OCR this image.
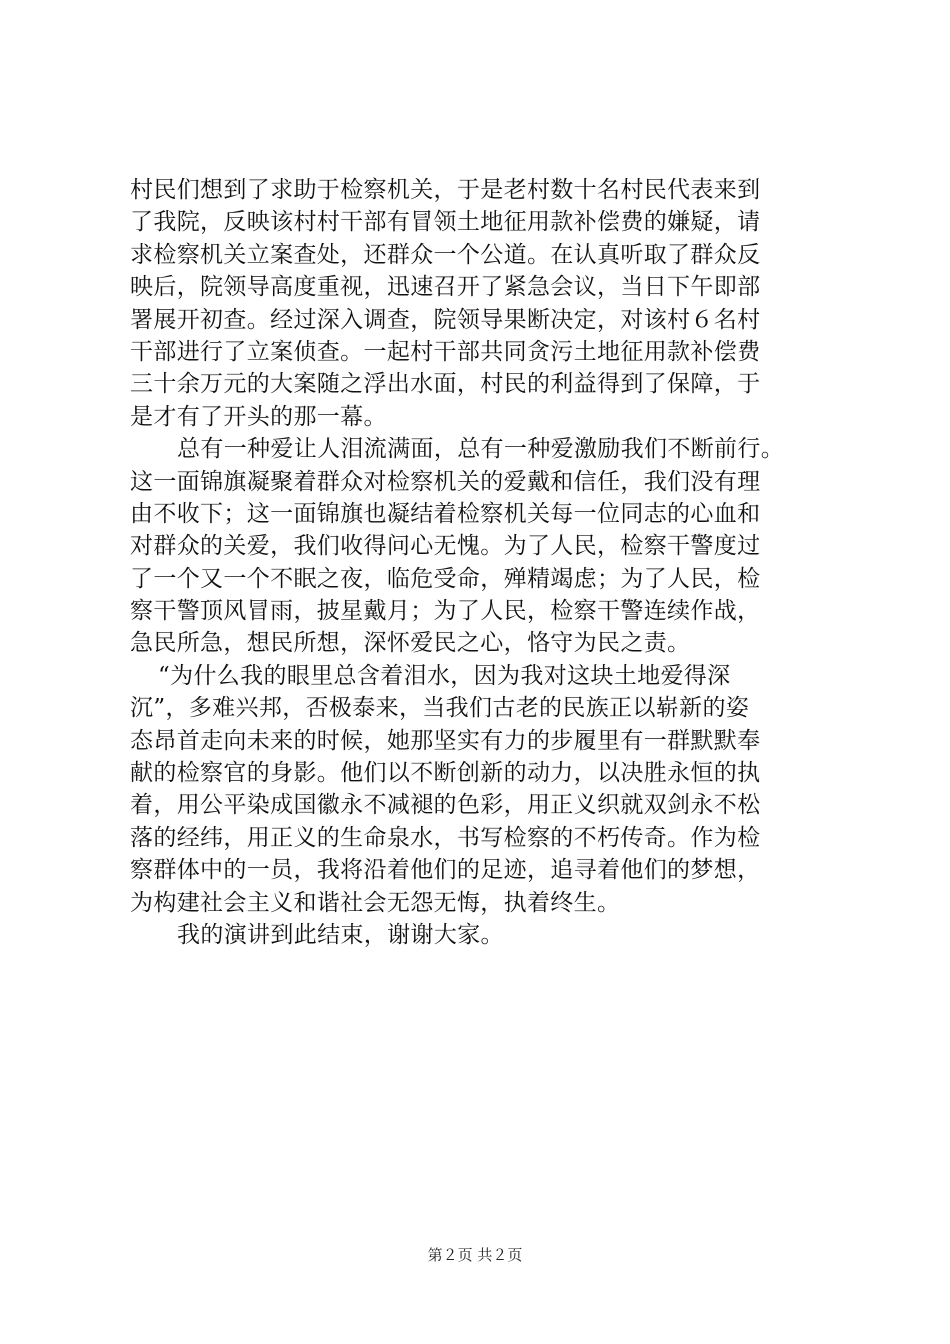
村民们想到了求助于检察机关，于是老村数十名村民代表来到
了我院，反映该村村干部有冒领土地征用款补偿费的嫌疑，请
求检察机关立案查处，还群众一个公道。在认真听取了群众反
映后，院领导高度重视，迅速召开了紧急会议，当日下午即部
署展开初查。经过深入调查，院领导果断决定，对该村６名村
干部进行了立案侦查。一起村干部共同贪污土地征用款补偿费
三十余万元的大案随之浮出水面，村民的利益得到了保障，于
是才有了开头的那一幕。
总有一种爱让人泪流满面，总有一种爱激励我们不断前行。
这一面锦旗凝聚着群众对检察机关的爱戴和信任，我们没有理
由不收下；这一面锦旗也凝结着检察机关每一位同志的心血和
对群众的关爱，我们收得问心无愧。为了人民，检察干警度过
了一个又一个不眠之夜，临危受命，殚精竭虑；为了人民，检
察干警顶风冒雨，披星戴月；为了人民，检察干警连续作战，
急民所急，想民所想，深怀爱民之心，恪守为民之责。
“为什么我的眼里总含着泪水，因为我对这块土地爱得深
沉”，多难兴邦，否极泰来，当我们古老的民族正以崭新的姿
态昂首走向未来的时候，她那坚实有力的步履里有一群默默奉
献的检察官的身影。他们以不断创新的动力，以决胜永恒的执
着，用公平染成国徽永不减褪的色彩，用正义织就双剑永不松
落的经纬，用正义的生命泉水，书写检察的不朽传奇。作为检
察群体中的一员，我将沿着他们的足迹，追寻着他们的梦想，
为构建社会主义和谐社会无怨无悔，执着终生。
我的演讲到此结束，谢谢大家。
第２页 共２页
